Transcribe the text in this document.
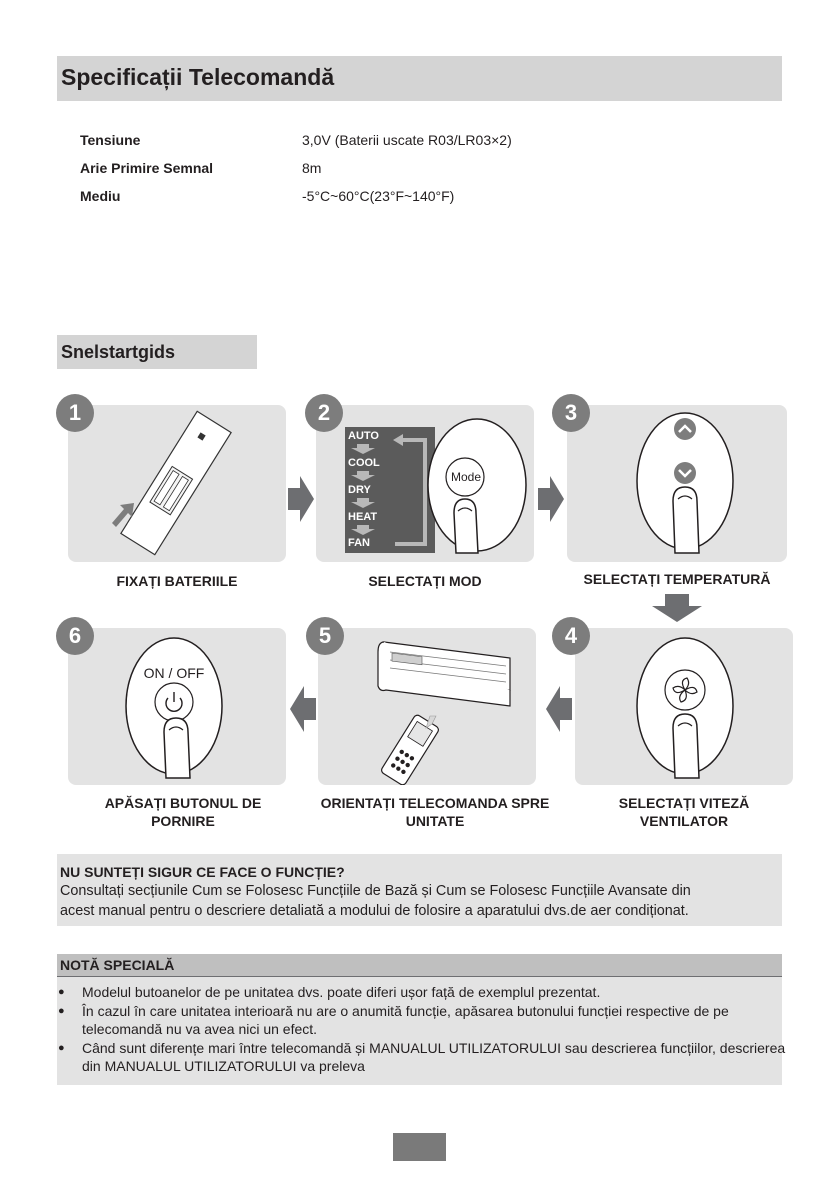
Specificații Telecomandă
Tensiune	3,0V (Baterii uscate R03/LR03×2)
Arie Primire Semnal	8m
Mediu	-5°C~60°C(23°F~140°F)
Snelstartgids
1
FIXAȚI BATERIILE
AUTO
COOL
DRY
HEAT
FAN
Mode
2
SELECTAȚI MOD
3
SELECTAȚI TEMPERATURĂ
4
SELECTAȚI VITEZĂ
VENTILATOR
5
ORIENTAȚI TELECOMANDA SPRE
UNITATE
ON / OFF
6
APĂSAȚI BUTONUL DE
PORNIRE
NU SUNTEȚI SIGUR CE FACE O FUNCȚIE?
Consultați secțiunile Cum se Folosesc Funcțiile de Bază și Cum se Folosesc Funcțiile Avansate din
acest manual pentru o descriere detaliată a modului de folosire a aparatului dvs.de aer condiționat.
NOTĂ SPECIALĂ
● Modelul butoanelor de pe unitatea dvs. poate diferi ușor față de exemplul prezentat.
● În cazul în care unitatea interioară nu are o anumită funcție, apăsarea butonului funcției respective de pe telecomandă nu va avea nici un efect.
● Când sunt diferențe mari între telecomandă și MANUALUL UTILIZATORULUI sau descrierea funcțiilor, descrierea din MANUALUL UTILIZATORULUI va preleva
